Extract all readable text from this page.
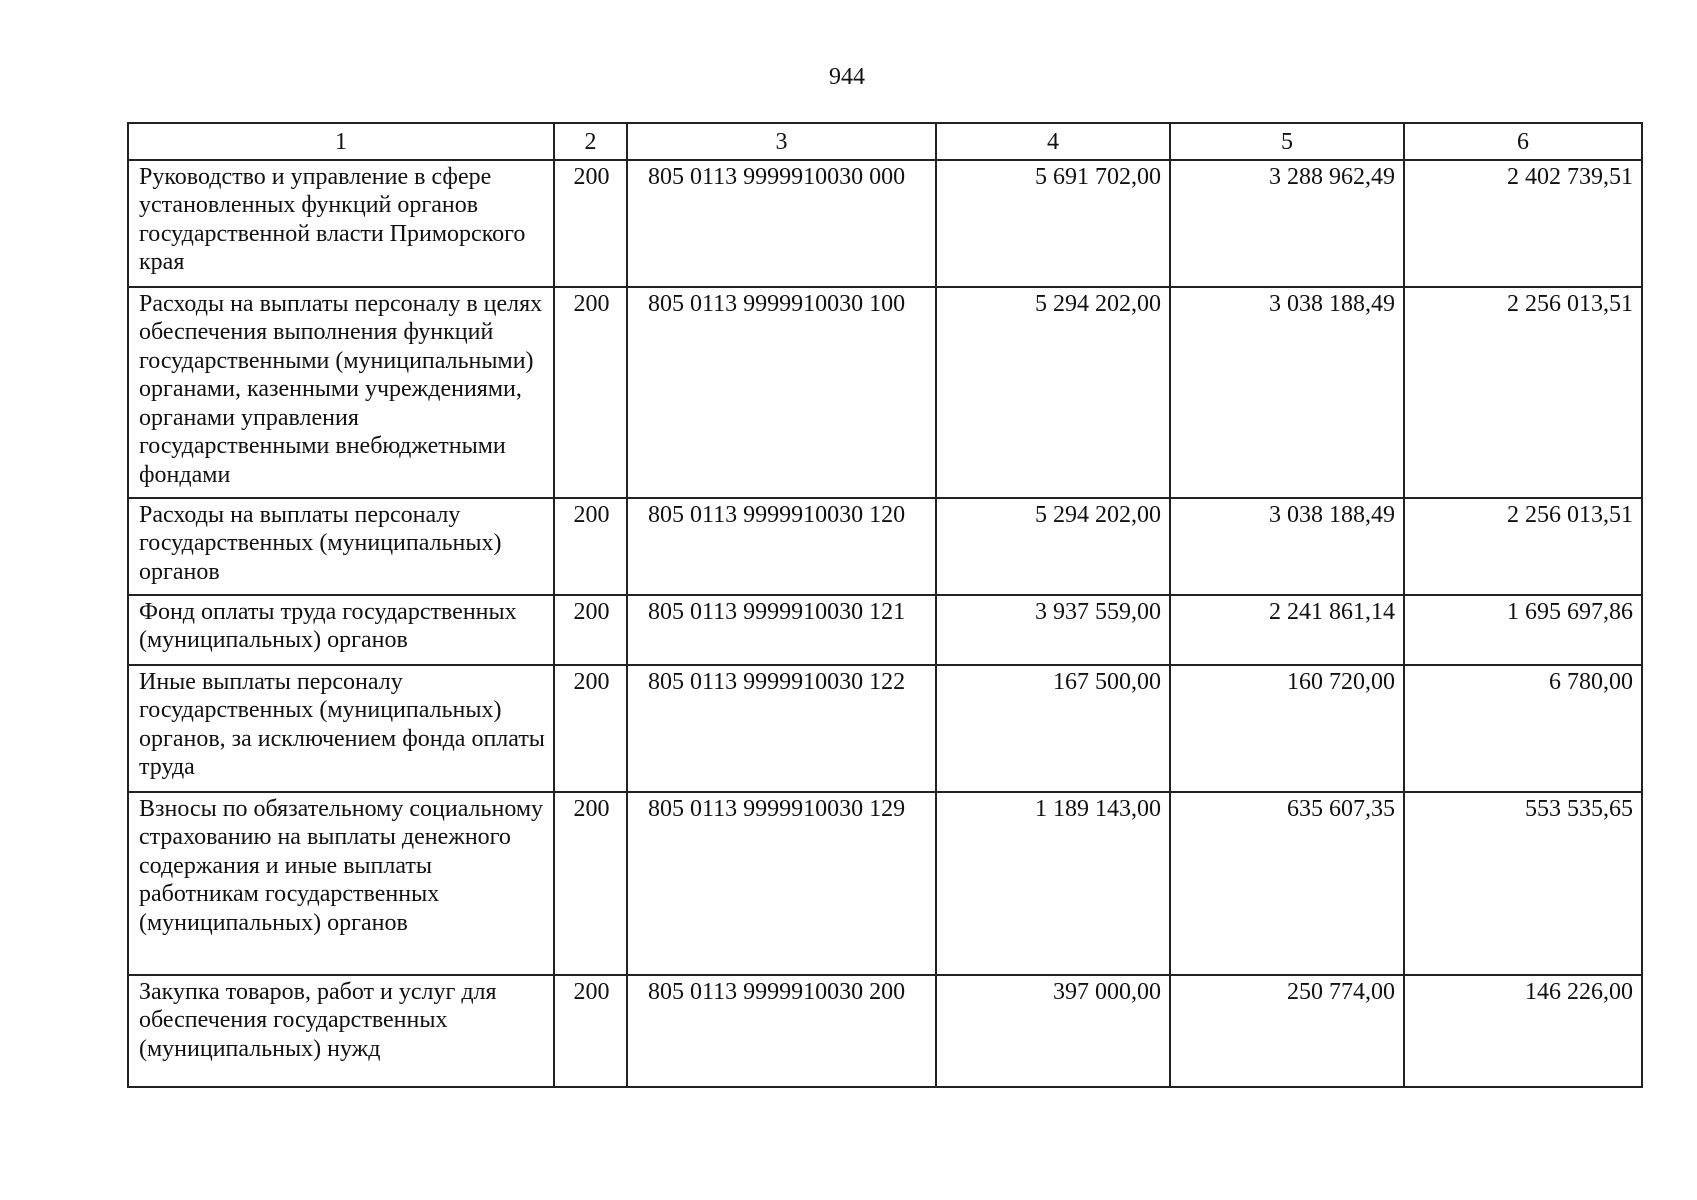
944
1	2	3	4	5	6
Руководство и управление в сфере установленных функций органов государственной власти Приморского края	200	805 0113 9999910030 000	5 691 702,00	3 288 962,49	2 402 739,51
Расходы на выплаты персоналу в целях обеспечения выполнения функций государственными (муниципальными) органами, казенными учреждениями, органами управления государственными внебюджетными фондами	200	805 0113 9999910030 100	5 294 202,00	3 038 188,49	2 256 013,51
Расходы на выплаты персоналу государственных (муниципальных) органов	200	805 0113 9999910030 120	5 294 202,00	3 038 188,49	2 256 013,51
Фонд оплаты труда государственных (муниципальных) органов	200	805 0113 9999910030 121	3 937 559,00	2 241 861,14	1 695 697,86
Иные выплаты персоналу государственных (муниципальных) органов, за исключением фонда оплаты труда	200	805 0113 9999910030 122	167 500,00	160 720,00	6 780,00
Взносы по обязательному социальному страхованию на выплаты денежного содержания и иные выплаты работникам государственных (муниципальных) органов	200	805 0113 9999910030 129	1 189 143,00	635 607,35	553 535,65
Закупка товаров, работ и услуг для обеспечения государственных (муниципальных) нужд	200	805 0113 9999910030 200	397 000,00	250 774,00	146 226,00
